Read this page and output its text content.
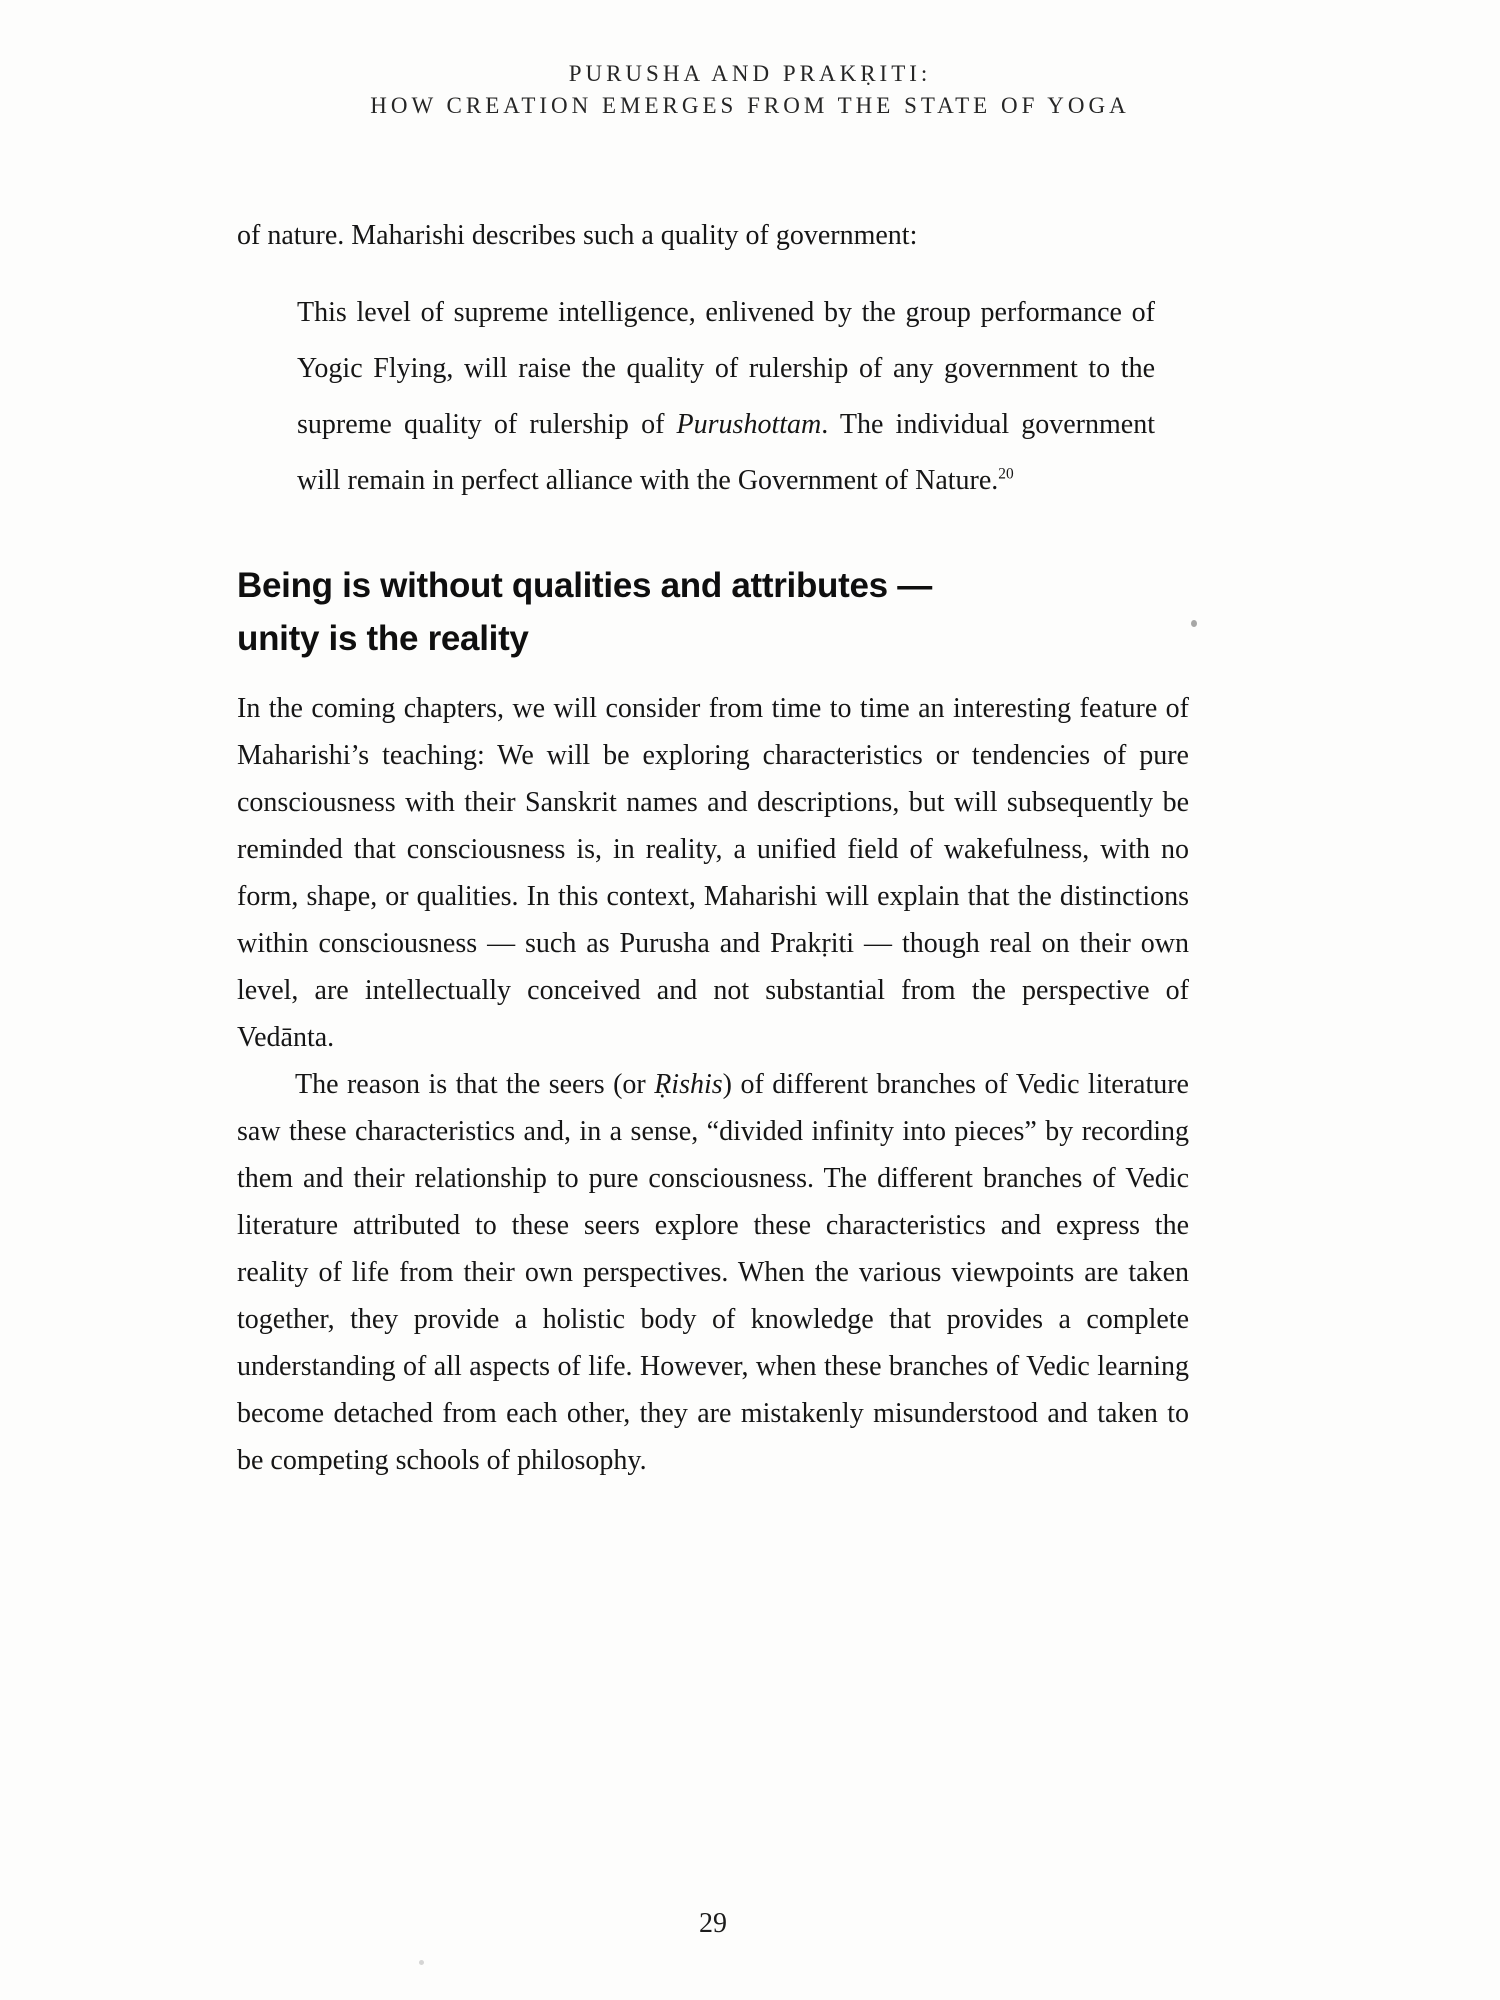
PURUSHA AND PRAKṚITI:
HOW CREATION EMERGES FROM THE STATE OF YOGA
of nature. Maharishi describes such a quality of government:
This level of supreme intelligence, enlivened by the group performance of Yogic Flying, will raise the quality of rulership of any government to the supreme quality of rulership of Purushottam. The individual government will remain in perfect alliance with the Government of Nature.$^{20}$
Being is without qualities and attributes —
unity is the reality
In the coming chapters, we will consider from time to time an interesting feature of Maharishi’s teaching: We will be exploring characteristics or tendencies of pure consciousness with their Sanskrit names and descriptions, but will subsequently be reminded that consciousness is, in reality, a unified field of wakefulness, with no form, shape, or qualities. In this context, Maharishi will explain that the distinctions within consciousness — such as Purusha and Prakṛiti — though real on their own level, are intellectually conceived and not substantial from the perspective of Vedānta.
The reason is that the seers (or Ṛishis) of different branches of Vedic literature saw these characteristics and, in a sense, “divided infinity into pieces” by recording them and their relationship to pure consciousness. The different branches of Vedic literature attributed to these seers explore these characteristics and express the reality of life from their own perspectives. When the various viewpoints are taken together, they provide a holistic body of knowledge that provides a complete understanding of all aspects of life. However, when these branches of Vedic learning become detached from each other, they are mistakenly misunderstood and taken to be competing schools of philosophy.
29
